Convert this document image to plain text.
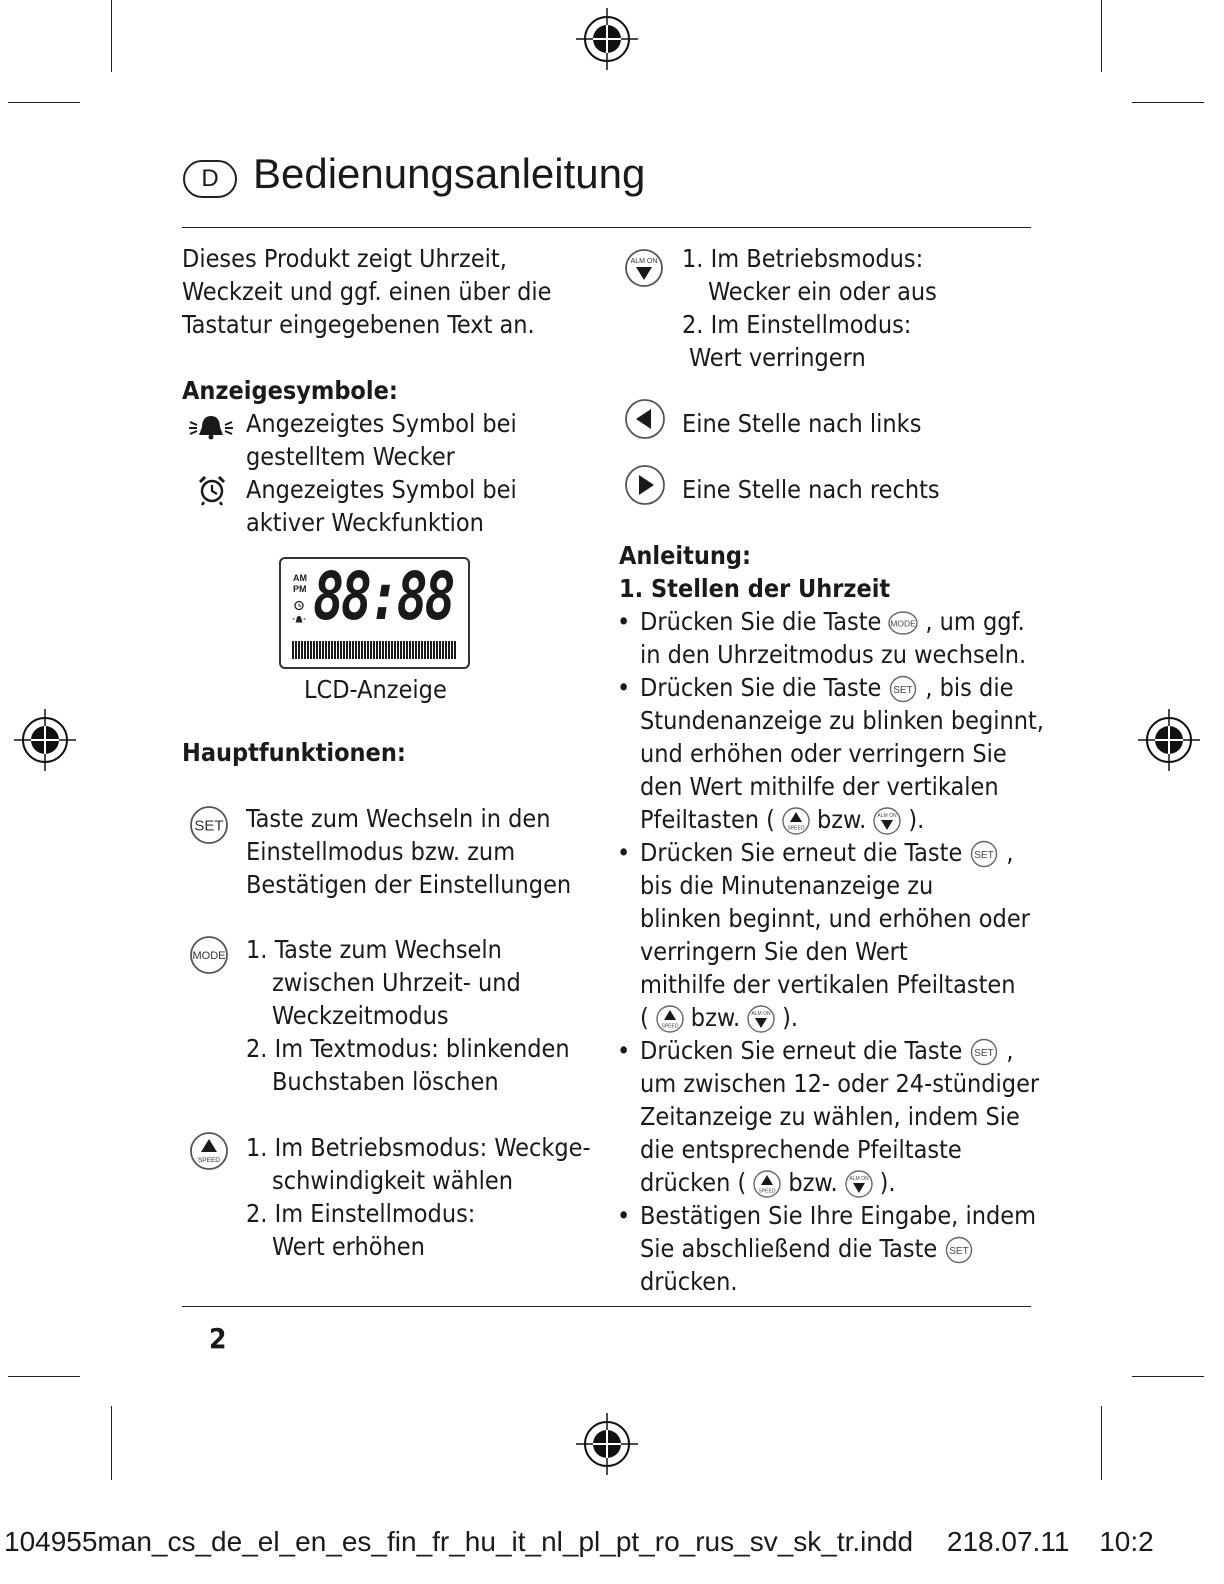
D Bedienungsanleitung
Dieses Produkt zeigt Uhrzeit,
Weckzeit und ggf. einen über die
Tastatur eingegebenen Text an.
Anzeigesymbole:
Angezeigtes Symbol bei
gestelltem Wecker
Angezeigtes Symbol bei
aktiver Weckfunktion
AM
PM 88:88
LCD-Anzeige
Hauptfunktionen:
SET Taste zum Wechseln in den
Einstellmodus bzw. zum
Bestätigen der Einstellungen
MODE 1. Taste zum Wechseln
zwischen Uhrzeit- und
Weckzeitmodus
2. Im Textmodus: blinkenden
Buchstaben löschen
SPEED 1. Im Betriebsmodus: Weckge-
schwindigkeit wählen
2. Im Einstellmodus:
Wert erhöhen
ALM ON 1. Im Betriebsmodus:
Wecker ein oder aus
2. Im Einstellmodus:
Wert verringern
Eine Stelle nach links
Eine Stelle nach rechts
Anleitung:
1. Stellen der Uhrzeit
• Drücken Sie die Taste MODE , um ggf.
in den Uhrzeitmodus zu wechseln.
• Drücken Sie die Taste SET , bis die
Stundenanzeige zu blinken beginnt,
und erhöhen oder verringern Sie
den Wert mithilfe der vertikalen
Pfeiltasten (	SPEED bzw. ALM ON ).
• Drücken Sie erneut die Taste SET ,
bis die Minutenanzeige zu
blinken beginnt, und erhöhen oder
verringern Sie den Wert
mithilfe der vertikalen Pfeiltasten
(	SPEED bzw. ALM ON ).
• Drücken Sie erneut die Taste SET ,
um zwischen 12- oder 24-stündiger
Zeitanzeige zu wählen, indem Sie
die entsprechende Pfeiltaste
drücken (	SPEED bzw. ALM ON ).
• Bestätigen Sie Ihre Eingabe, indem
Sie abschließend die Taste SET
drücken.
2
104955man_cs_de_el_en_es_fin_fr_hu_it_nl_pl_pt_ro_rus_sv_sk_tr.indd 218.07.11 10:2
